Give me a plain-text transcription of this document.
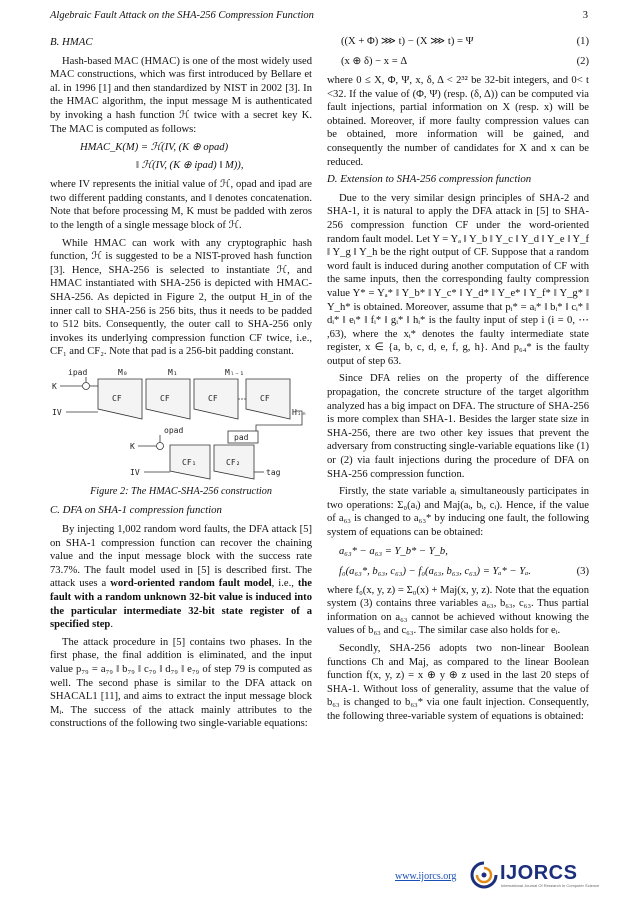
Algebraic Fault Attack on the SHA-256 Compression Function	3
B. HMAC

Hash-based MAC (HMAC) is one of the most widely used MAC constructions, which was first introduced by Bellare et al. in 1996 [1] and then standardized by NIST in 2002 [3]. In the HMAC algorithm, the input message M is authenticated by invoking a hash function ℋ twice with a secret key K. The MAC is computed as follows:

HMAC_K(M) = ℋ(IV, (K ⊕ opad)
‖ ℋ(IV, (K ⊕ ipad) ‖ M)),

where IV represents the initial value of ℋ, opad and ipad are two different padding constants, and ‖ denotes concatenation. Note that before processing M, K must be padded with zeros to the length of a single message block of ℋ.

While HMAC can work with any cryptographic hash function, ℋ is suggested to be a NIST-proved hash function [3]. Hence, SHA-256 is selected to instantiate ℋ, and HMAC instantiated with SHA-256 is depicted with HMAC-SHA-256. As depicted in Figure 2, the output H_in of the inner call to SHA-256 is 256 bits, thus it needs to be padded to 512 bits. Consequently, the outer call to SHA-256 only invokes its underlying compression function CF twice, i.e., CF₁ and CF₂. Note that pad is a 256-bit padding constant.

ipad
K
M₀	M₁	Mₗ₋₁
CF	CF	CF	CF
IV	Hᵢₙ
opad
K
pad
CF₁	CF₂
IV	tag
Figure 2: The HMAC-SHA-256 construction
C. DFA on SHA-1 compression function

By injecting 1,002 random word faults, the DFA attack [5] on SHA-1 compression function can recover the chaining value and the input message block with the success rate 73.7%. The fault model used in [5] is described first. The attack uses a word-oriented random fault model, i.e., the fault with a random unknown 32-bit value is induced into the particular intermediate 32-bit state register of a specified step.

The attack procedure in [5] contains two phases. In the first phase, the final addition is eliminated, and the input value p₇₉ = a₇₉ ‖ b₇₉ ‖ c₇₉ ‖ d₇₉ ‖ e₇₉ of step 79 is computed as well. The second phase is similar to the DFA attack on SHACAL1 [11], and aims to extract the input message block Mᵢ. The success of the attack mainly attributes to the constructions of the following two single-variable equations:

((X + Φ) ⋙ t) − (X ⋙ t) = Ψ	(1)
(x ⊕ δ) − x = Δ	(2)

where 0 ≤ X, Φ, Ψ, x, δ, Δ < 2³² be 32-bit integers, and 0< t <32. If the value of (Φ, Ψ) (resp. (δ, Δ)) can be computed via fault injections, partial information on X (resp. x) will be obtained. Moreover, if more faulty compression values can be obtained, more information will be gained, and consequently the number of candidates for X and x can be reduced.

D. Extension to SHA-256 compression function

Due to the very similar design principles of SHA-2 and SHA-1, it is natural to apply the DFA attack in [5] to SHA-256 compression function CF under the word-oriented random fault model. Let Y = Yₐ ‖ Y_b ‖ Y_c ‖ Y_d ‖ Y_e ‖ Y_f ‖ Y_g ‖ Y_h be the right output of CF. Suppose that a random word fault is induced during another computation of CF with the same inputs, then the corresponding faulty compression value Y* = Yₐ* ‖ Y_b* ‖ Y_c* ‖ Y_d* ‖ Y_e* ‖ Y_f* ‖ Y_g* ‖ Y_h* is obtained. Moreover, assume that pᵢ* = aᵢ* ‖ bᵢ* ‖ cᵢ* ‖ dᵢ* ‖ eᵢ* ‖ fᵢ* ‖ gᵢ* ‖ hᵢ* is the faulty input of step i (i = 0, ⋯ ,63), where the xᵢ* denotes the faulty intermediate state register, x ∈ {a, b, c, d, e, f, g, h}. And p₆₄* is the faulty output of step 63.

Since DFA relies on the property of the difference propagation, the concrete structure of the target algorithm analyzed has a big impact on DFA. The structure of SHA-256 is more complex than SHA-1. Besides the larger state size in SHA-256, there are two other key issues that prevent the adversary from constructing single-variable equations like (1) or (2) via fault injections during the procedure of DFA on SHA-256 compression function.

Firstly, the state variable aᵢ simultaneously participates in two operations: Σ₀(aᵢ) and Maj(aᵢ, bᵢ, cᵢ). Hence, if the value of a₆₃ is changed to a₆₃* by inducing one fault, the following system of equations can be obtained:

a₆₃* − a₆₃ = Y_b* − Y_b,
f₀(a₆₃*, b₆₃, c₆₃) − f₀(a₆₃, b₆₃, c₆₃) = Yₐ* − Yₐ.	(3)

where f₀(x, y, z) = Σ₀(x) + Maj(x, y, z). Note that the equation system (3) contains three variables a₆₃, b₆₃, c₆₃. Thus partial information on a₆₃ cannot be achieved without knowing the values of b₆₃ and c₆₃. The similar case also holds for eᵢ.

Secondly, SHA-256 adopts two non-linear Boolean functions Ch and Maj, as compared to the linear Boolean function f(x, y, z) = x ⊕ y ⊕ z used in the last 20 steps of SHA-1. Without loss of generality, assume that the value of b₆₃ is changed to b₆₃* via one fault injection. Consequently, the following three-variable system of equations is obtained:

www.ijorcs.org IJORCS
International Journal Of Research In Computer Science
